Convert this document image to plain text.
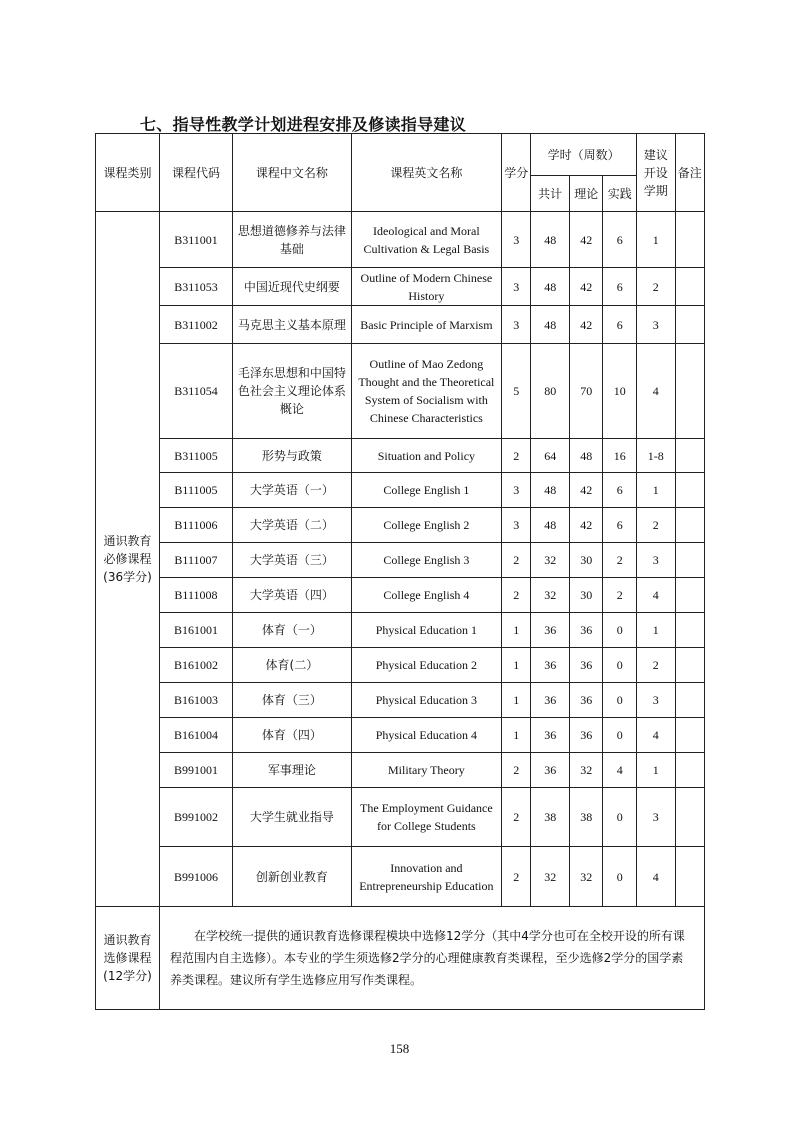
七、指导性教学计划进程安排及修读指导建议
课程类别	课程代码	课程中文名称	课程英文名称	学分	学时（周数）			建议开设学期	备注
					共计	理论	实践		
通识教育必修课程(36学分)	B311001	思想道德修养与法律基础	Ideological and Moral Cultivation & Legal Basis	3	48	42	6	1	
	B311053	中国近现代史纲要	Outline of Modern Chinese History	3	48	42	6	2	
	B311002	马克思主义基本原理	Basic Principle of Marxism	3	48	42	6	3	
	B311054	毛泽东思想和中国特色社会主义理论体系概论	Outline of Mao Zedong Thought and the Theoretical System of Socialism with Chinese Characteristics	5	80	70	10	4	
	B311005	形势与政策	Situation and Policy	2	64	48	16	1-8	
	B111005	大学英语（一）	College English 1	3	48	42	6	1	
	B111006	大学英语（二）	College English 2	3	48	42	6	2	
	B111007	大学英语（三）	College English 3	2	32	30	2	3	
	B111008	大学英语（四）	College English 4	2	32	30	2	4	
	B161001	体育（一）	Physical Education 1	1	36	36	0	1	
	B161002	体育(二）	Physical Education 2	1	36	36	0	2	
	B161003	体育（三）	Physical Education 3	1	36	36	0	3	
	B161004	体育（四）	Physical Education 4	1	36	36	0	4	
	B991001	军事理论	Military Theory	2	36	32	4	1	
	B991002	大学生就业指导	The Employment Guidance for College Students	2	38	38	0	3	
	B991006	创新创业教育	Innovation and Entrepreneurship Education	2	32	32	0	4	
通识教育选修课程(12学分)	在学校统一提供的通识教育选修课程模块中选修12学分（其中4学分也可在全校开设的所有课程范围内自主选修）。本专业的学生须选修2学分的心理健康教育类课程，至少选修2学分的国学素养类课程。建议所有学生选修应用写作类课程。								
158
